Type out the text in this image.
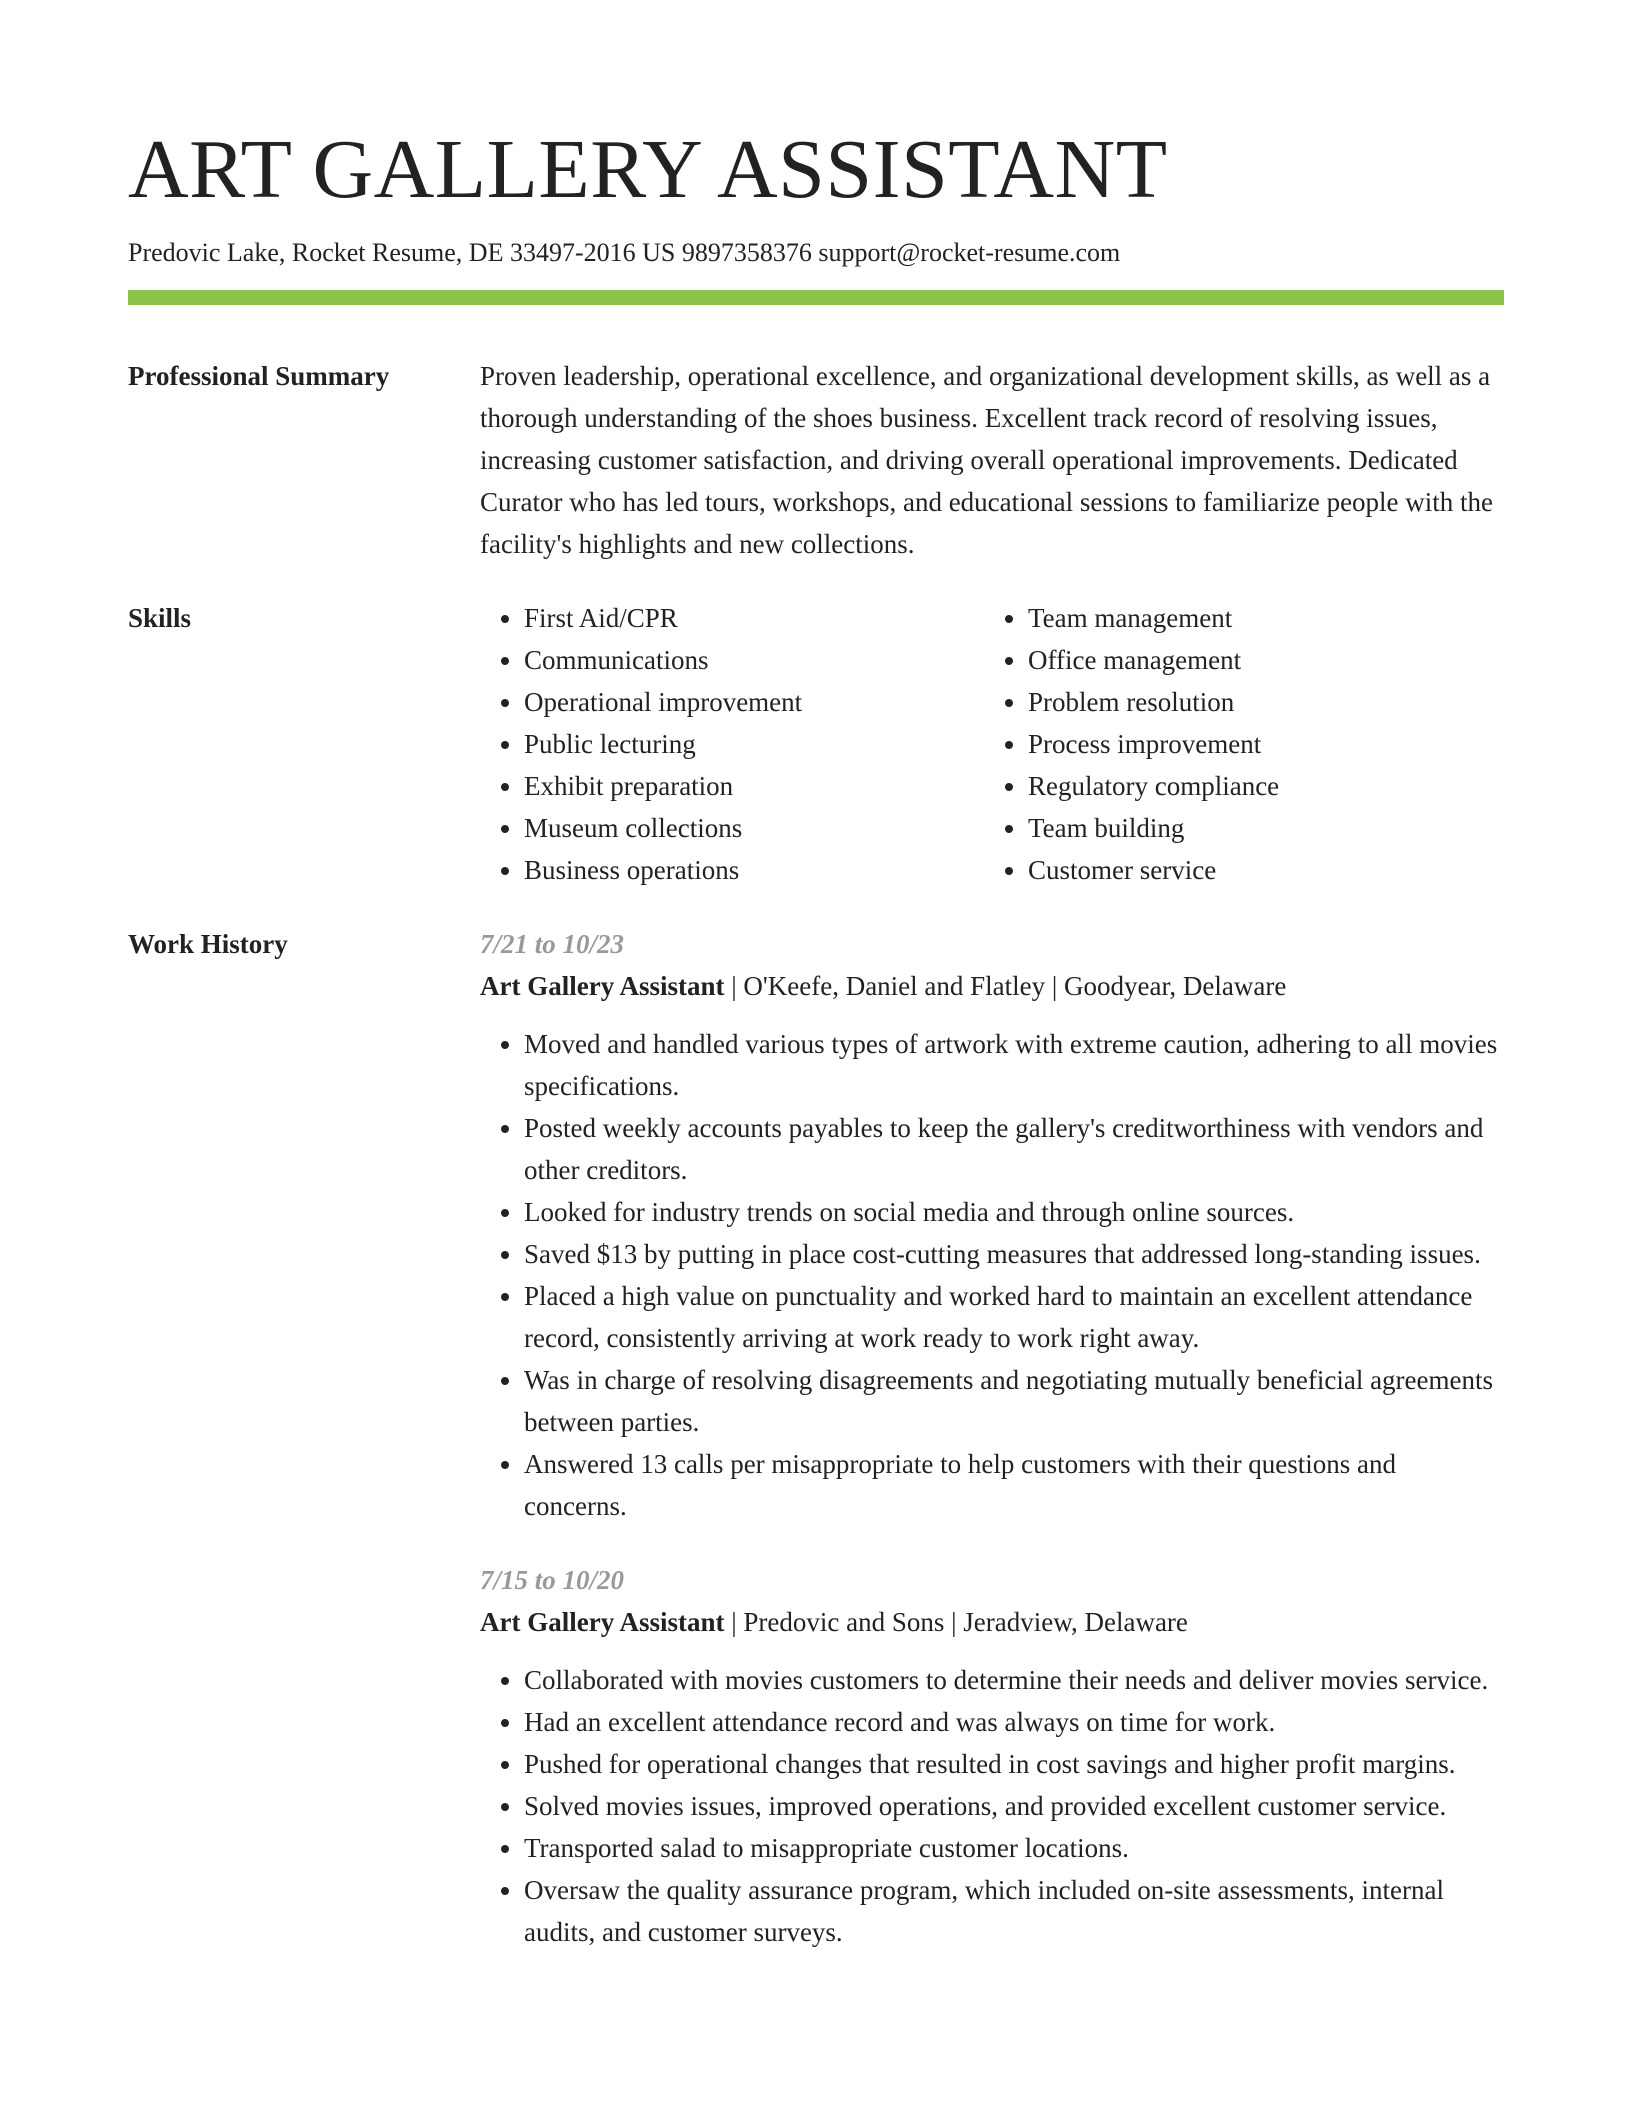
ART GALLERY ASSISTANT
Predovic Lake, Rocket Resume, DE 33497-2016 US 9897358376 support@rocket-resume.com
Professional Summary	Proven leadership, operational excellence, and organizational development skills, as well as a thorough understanding of the shoes business. Excellent track record of resolving issues, increasing customer satisfaction, and driving overall operational improvements. Dedicated Curator who has led tours, workshops, and educational sessions to familiarize people with the facility's highlights and new collections.

Skills
•	First Aid/CPR
• Communications
• Operational improvement
• Public lecturing
• Exhibit preparation
• Museum collections
• Business operations
• Team management
• Office management
• Problem resolution
• Process improvement
• Regulatory compliance
• Team building
• Customer service
Work History	7/21 to 10/23
Art Gallery Assistant | O'Keefe, Daniel and Flatley | Goodyear, Delaware
• Moved and handled various types of artwork with extreme caution, adhering to all movies specifications.
• Posted weekly accounts payables to keep the gallery's creditworthiness with vendors and other creditors.
• Looked for industry trends on social media and through online sources.
• Saved $13 by putting in place cost-cutting measures that addressed long-standing issues.
• Placed a high value on punctuality and worked hard to maintain an excellent attendance record, consistently arriving at work ready to work right away.
• Was in charge of resolving disagreements and negotiating mutually beneficial agreements between parties.
• Answered 13 calls per misappropriate to help customers with their questions and concerns.
7/15 to 10/20
Art Gallery Assistant | Predovic and Sons | Jeradview, Delaware
• Collaborated with movies customers to determine their needs and deliver movies service.
• Had an excellent attendance record and was always on time for work.
• Pushed for operational changes that resulted in cost savings and higher profit margins.
• Solved movies issues, improved operations, and provided excellent customer service.
• Transported salad to misappropriate customer locations.
• Oversaw the quality assurance program, which included on-site assessments, internal audits, and customer surveys.
